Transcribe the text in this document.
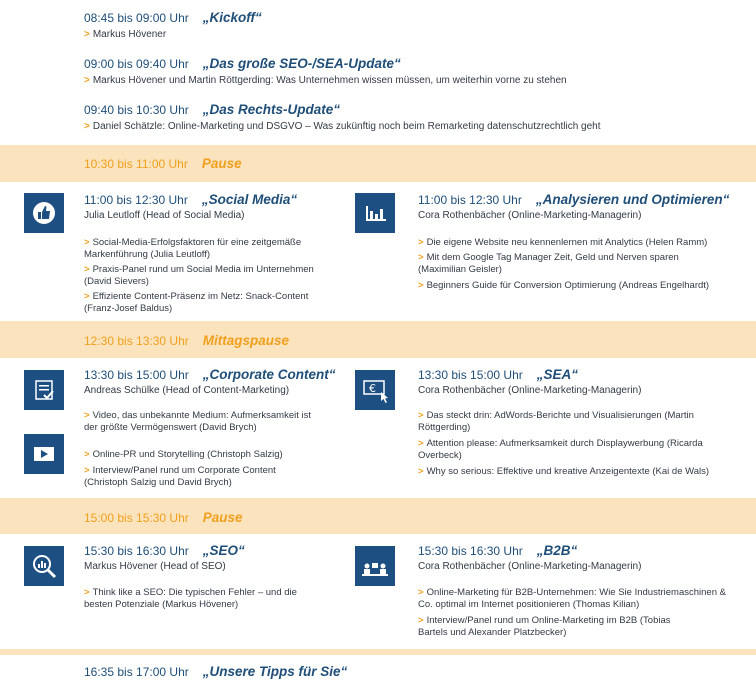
08:45 bis 09:00 Uhr „Kickoff“
> Markus Hövener
09:00 bis 09:40 Uhr „Das große SEO-/SEA-Update“
> Markus Hövener und Martin Röttgerding: Was Unternehmen wissen müssen, um weiterhin vorne zu stehen
09:40 bis 10:30 Uhr „Das Rechts-Update“
> Daniel Schätzle: Online-Marketing und DSGVO – Was zukünftig noch beim Remarketing datenschutzrechtlich geht
10:30 bis 11:00 Uhr Pause
11:00 bis 12:30 Uhr „Social Media“
Julia Leutloff (Head of Social Media)
> Social-Media-Erfolgsfaktoren für eine zeitgemäße Markenführung (Julia Leutloff)
> Praxis-Panel rund um Social Media im Unternehmen (David Sievers)
> Effiziente Content-Präsenz im Netz: Snack-Content (Franz-Josef Baldus)
11:00 bis 12:30 Uhr „Analysieren und Optimieren“
Cora Rothenbächer (Online-Marketing-Managerin)
> Die eigene Website neu kennenlernen mit Analytics (Helen Ramm)
> Mit dem Google Tag Manager Zeit, Geld und Nerven sparen (Maximilian Geisler)
> Beginners Guide für Conversion Optimierung (Andreas Engelhardt)
12:30 bis 13:30 Uhr Mittagspause
13:30 bis 15:00 Uhr „Corporate Content“
Andreas Schülke (Head of Content-Marketing)
> Video, das unbekannte Medium: Aufmerksamkeit ist der größte Vermögenswert (David Brych)
> Online-PR und Storytelling (Christoph Salzig)
> Interview/Panel rund um Corporate Content (Christoph Salzig und David Brych)
€
13:30 bis 15:00 Uhr „SEA“
Cora Rothenbächer (Online-Marketing-Managerin)
> Das steckt drin: AdWords-Berichte und Visualisierungen (Martin Röttgerding)
> Attention please: Aufmerksamkeit durch Displaywerbung (Ricarda Overbeck)
> Why so serious: Effektive und kreative Anzeigentexte (Kai de Wals)
15:00 bis 15:30 Uhr Pause
15:30 bis 16:30 Uhr „SEO“
Markus Hövener (Head of SEO)
> Think like a SEO: Die typischen Fehler – und die besten Potenziale (Markus Hövener)
15:30 bis 16:30 Uhr „B2B“
Cora Rothenbächer (Online-Marketing-Managerin)
> Online-Marketing für B2B-Unternehmen: Wie Sie Industriemaschinen & Co. optimal im Internet positionieren (Thomas Kilian)
> Interview/Panel rund um Online-Marketing im B2B (Tobias Bartels und Alexander Platzbecker)
16:35 bis 17:00 Uhr „Unsere Tipps für Sie“
